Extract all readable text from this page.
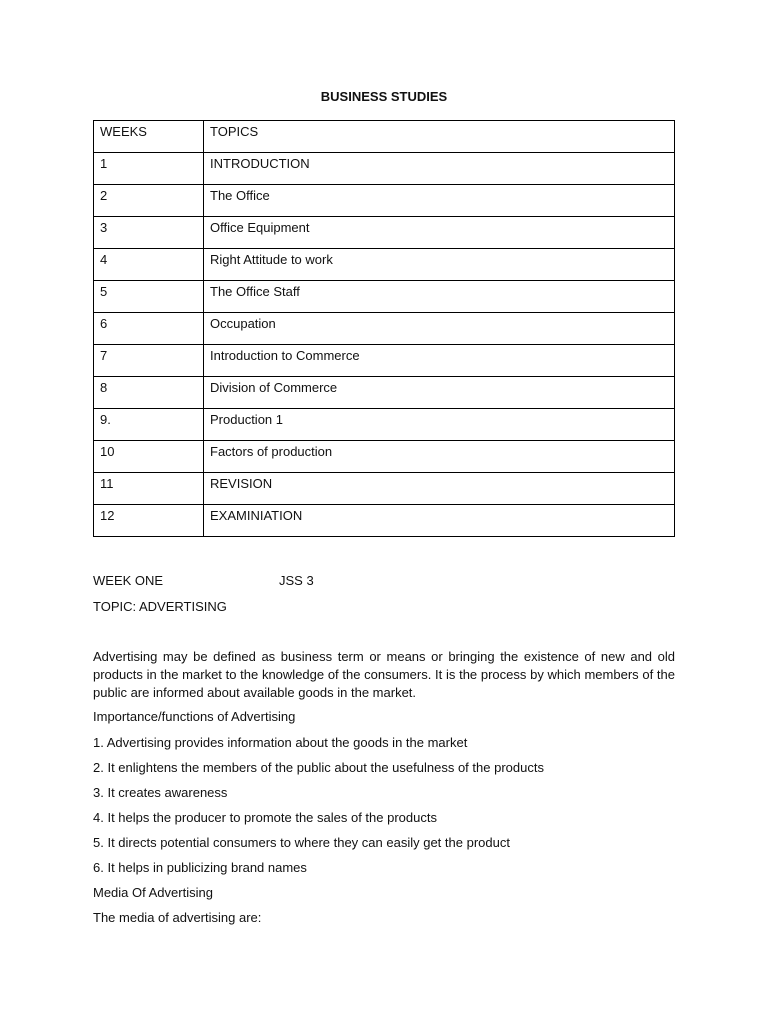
BUSINESS STUDIES
WEEKS	TOPICS
1	INTRODUCTION
2	The Office
3	Office Equipment
4	Right Attitude to work
5	The Office Staff
6	Occupation
7	Introduction to Commerce
8	Division of Commerce
9.	Production 1
10	Factors of production
11	REVISION
12	EXAMINIATION
WEEK ONE	JSS 3
TOPIC: ADVERTISING
Advertising may be defined as business term or means or bringing the existence of new and old products in the market to the knowledge of the consumers. It is the process by which members of the public are informed about available goods in the market.
Importance/functions of Advertising
1. Advertising provides information about the goods in the market
2. It enlightens the members of the public about the usefulness of the products
3. It creates awareness
4. It helps the producer to promote the sales of the products
5. It directs potential consumers to where they can easily get the product
6. It helps in publicizing brand names
Media Of Advertising
The media of advertising are:
